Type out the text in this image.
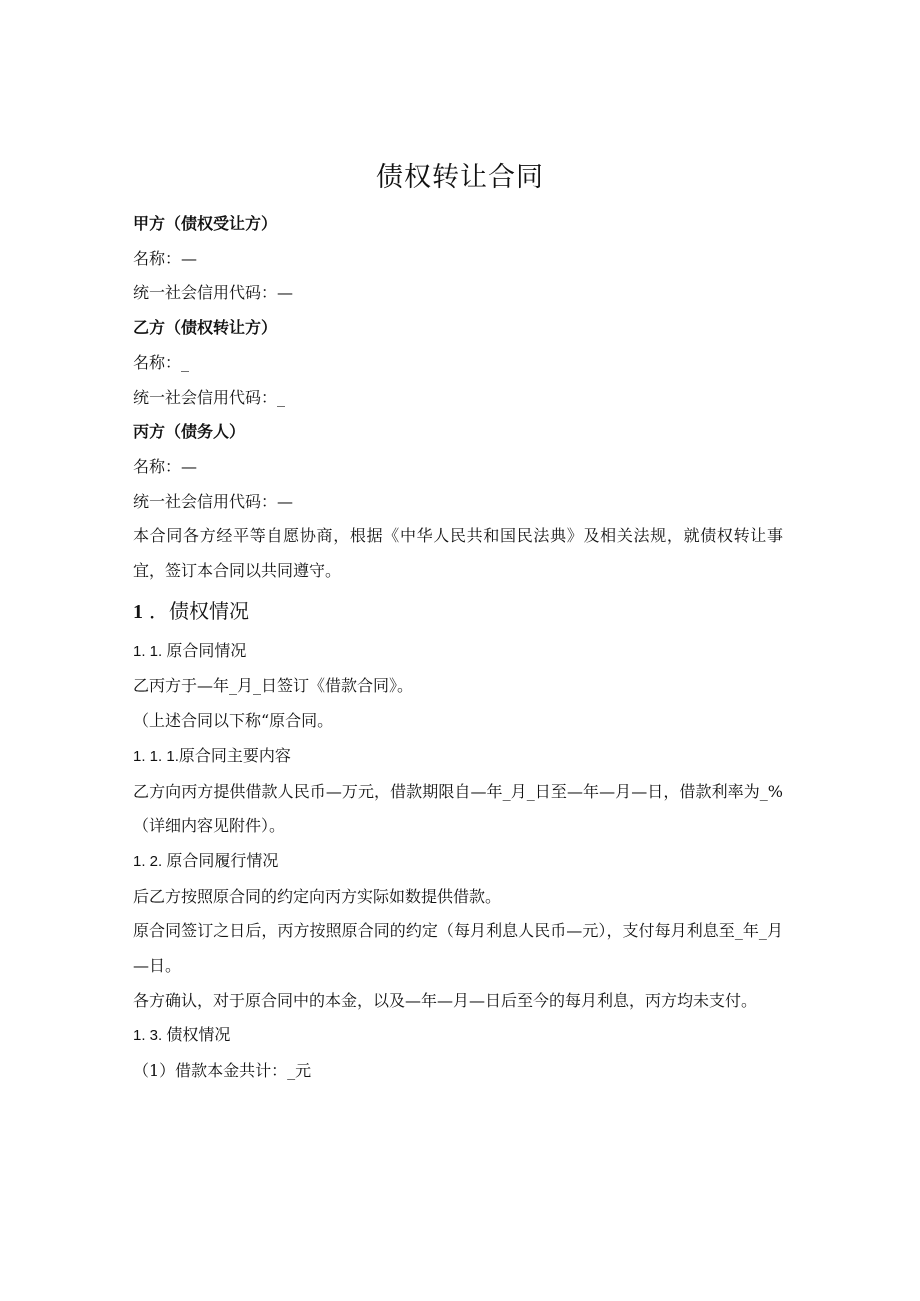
债权转让合同

甲方（债权受让方）

名称：—

统一社会信用代码：—

乙方（债权转让方）

名称：_

统一社会信用代码：_

丙方（债务人）

名称：—

统一社会信用代码：—

本合同各方经平等自愿协商，根据《中华人民共和国民法典》及相关法规，就债权转让事宜，签订本合同以共同遵守。

1 ．债权情况

1. 1. 原合同情况

乙丙方于—年_月_日签订《借款合同》。

（上述合同以下称“原合同。

1. 1. 1.原合同主要内容

乙方向丙方提供借款人民币—万元，借款期限自—年_月_日至—年—月—日，借款利率为_%（详细内容见附件）。

1. 2. 原合同履行情况

后乙方按照原合同的约定向丙方实际如数提供借款。

原合同签订之日后，丙方按照原合同的约定（每月利息人民币—元），支付每月利息至_年_月—日。

各方确认，对于原合同中的本金，以及—年—月—日后至今的每月利息，丙方均未支付。

1. 3. 债权情况

（1）借款本金共计：_元
